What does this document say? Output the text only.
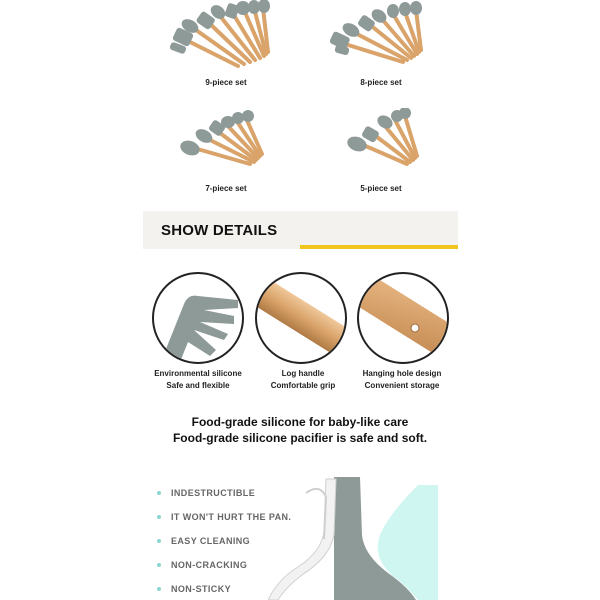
9-piece set	8-piece set
7-piece set	5-piece set
SHOW DETAILS
Environmental silicone
Safe and flexible
Log handle
Comfortable grip
Hanging hole design
Convenient storage
Food-grade silicone for baby-like care
Food-grade silicone pacifier is safe and soft.
INDESTRUCTIBLE
IT WON'T HURT THE PAN.
EASY CLEANING
NON-CRACKING
NON-STICKY
